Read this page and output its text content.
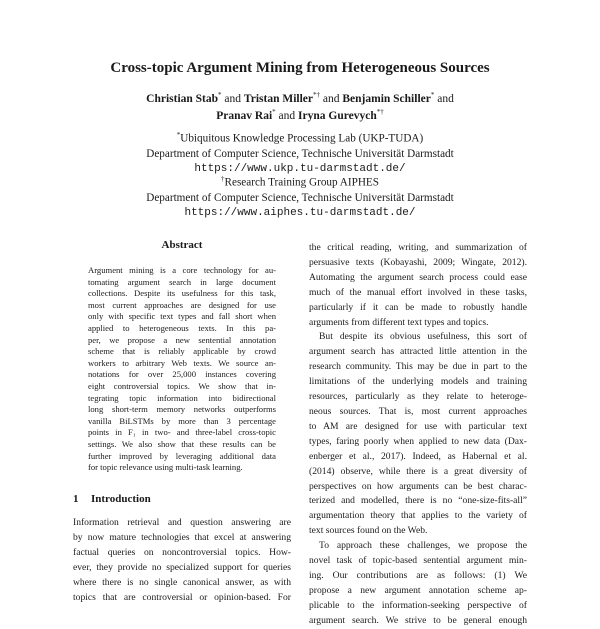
Cross-topic Argument Mining from Heterogeneous Sources
Christian Stab* and Tristan Miller*† and Benjamin Schiller* and
Pranav Rai* and Iryna Gurevych*†
*Ubiquitous Knowledge Processing Lab (UKP-TUDA)
Department of Computer Science, Technische Universität Darmstadt
https://www.ukp.tu-darmstadt.de/
†Research Training Group AIPHES
Department of Computer Science, Technische Universität Darmstadt
https://www.aiphes.tu-darmstadt.de/
Abstract
Argument mining is a core technology for au-
tomating argument search in large document
collections. Despite its usefulness for this task,
most current approaches are designed for use
only with specific text types and fall short when
applied to heterogeneous texts. In this pa-
per, we propose a new sentential annotation
scheme that is reliably applicable by crowd
workers to arbitrary Web texts. We source an-
notations for over 25,000 instances covering
eight controversial topics. We show that in-
tegrating topic information into bidirectional
long short-term memory networks outperforms
vanilla BiLSTMs by more than 3 percentage
points in F₁ in two- and three-label cross-topic
settings. We also show that these results can be
further improved by leveraging additional data
for topic relevance using multi-task learning.
1 Introduction
Information retrieval and question answering are
by now mature technologies that excel at answering
factual queries on noncontroversial topics. How-
ever, they provide no specialized support for queries
where there is no single canonical answer, as with
topics that are controversial or opinion-based. For
the critical reading, writing, and summarization of
persuasive texts (Kobayashi, 2009; Wingate, 2012).
Automating the argument search process could ease
much of the manual effort involved in these tasks,
particularly if it can be made to robustly handle
arguments from different text types and topics.
But despite its obvious usefulness, this sort of
argument search has attracted little attention in the
research community. This may be due in part to the
limitations of the underlying models and training
resources, particularly as they relate to heteroge-
neous sources. That is, most current approaches
to AM are designed for use with particular text
types, faring poorly when applied to new data (Dax-
enberger et al., 2017). Indeed, as Habernal et al.
(2014) observe, while there is a great diversity of
perspectives on how arguments can be best charac-
terized and modelled, there is no “one-size-fits-all”
argumentation theory that applies to the variety of
text sources found on the Web.
To approach these challenges, we propose the
novel task of topic-based sentential argument min-
ing. Our contributions are as follows: (1) We
propose a new argument annotation scheme ap-
plicable to the information-seeking perspective of
argument search. We strive to be general enough
